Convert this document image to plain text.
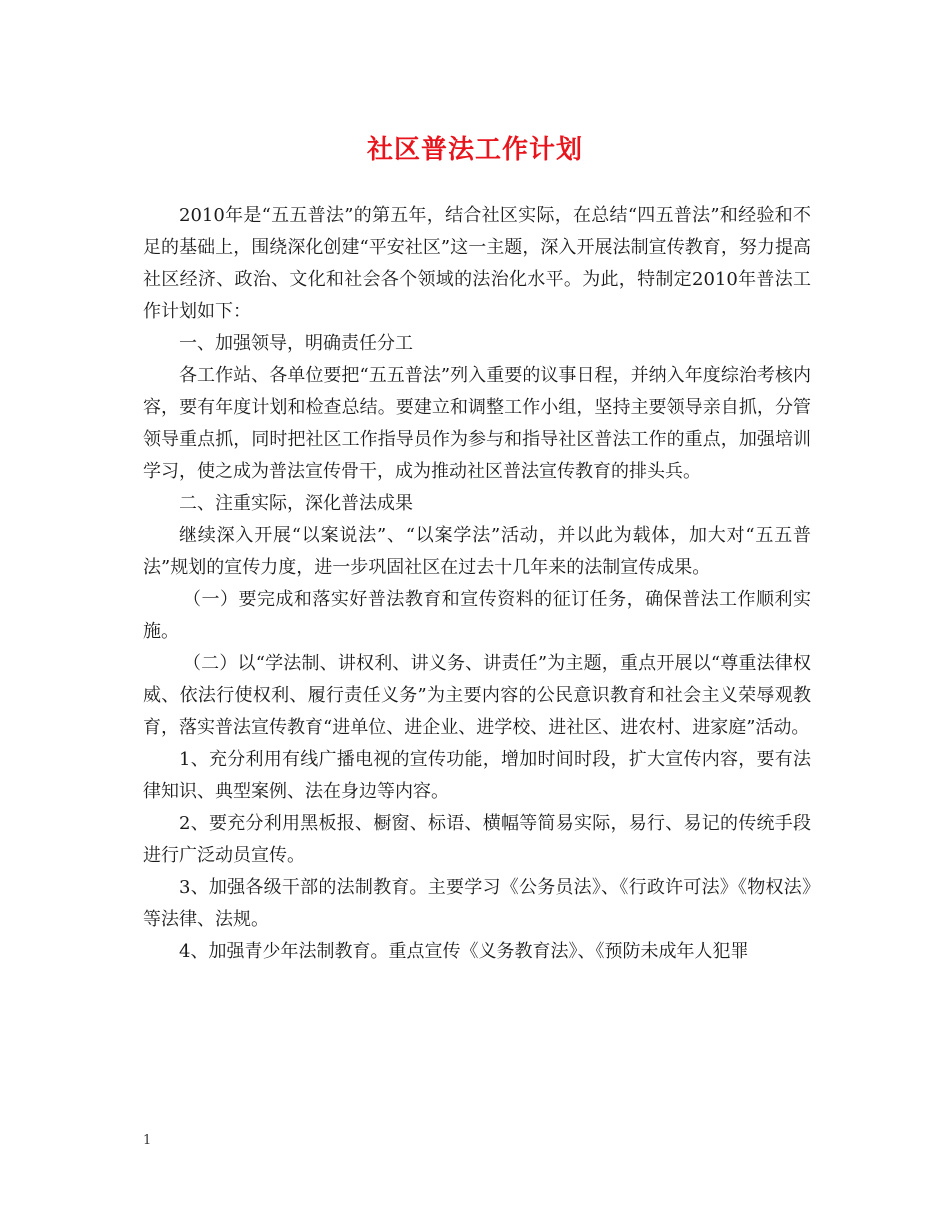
社区普法工作计划

2010年是“五五普法”的第五年，结合社区实际，在总结“四五普法”和经验和不足的基础上，围绕深化创建“平安社区”这一主题，深入开展法制宣传教育，努力提高社区经济、政治、文化和社会各个领域的法治化水平。为此，特制定2010年普法工作计划如下：

一、加强领导，明确责任分工

各工作站、各单位要把“五五普法”列入重要的议事日程，并纳入年度综治考核内容，要有年度计划和检查总结。要建立和调整工作小组，坚持主要领导亲自抓，分管领导重点抓，同时把社区工作指导员作为参与和指导社区普法工作的重点，加强培训学习，使之成为普法宣传骨干，成为推动社区普法宣传教育的排头兵。

二、注重实际，深化普法成果

继续深入开展“以案说法”、“以案学法”活动，并以此为载体，加大对“五五普法”规划的宣传力度，进一步巩固社区在过去十几年来的法制宣传成果。

（一）要完成和落实好普法教育和宣传资料的征订任务，确保普法工作顺利实施。

（二）以“学法制、讲权利、讲义务、讲责任”为主题，重点开展以“尊重法律权威、依法行使权利、履行责任义务”为主要内容的公民意识教育和社会主义荣辱观教育，落实普法宣传教育“进单位、进企业、进学校、进社区、进农村、进家庭”活动。

1、充分利用有线广播电视的宣传功能，增加时间时段，扩大宣传内容，要有法律知识、典型案例、法在身边等内容。

2、要充分利用黑板报、橱窗、标语、横幅等简易实际，易行、易记的传统手段进行广泛动员宣传。

3、加强各级干部的法制教育。主要学习《公务员法》、《行政许可法》《物权法》等法律、法规。

4、加强青少年法制教育。重点宣传《义务教育法》、《预防未成年人犯罪

1
